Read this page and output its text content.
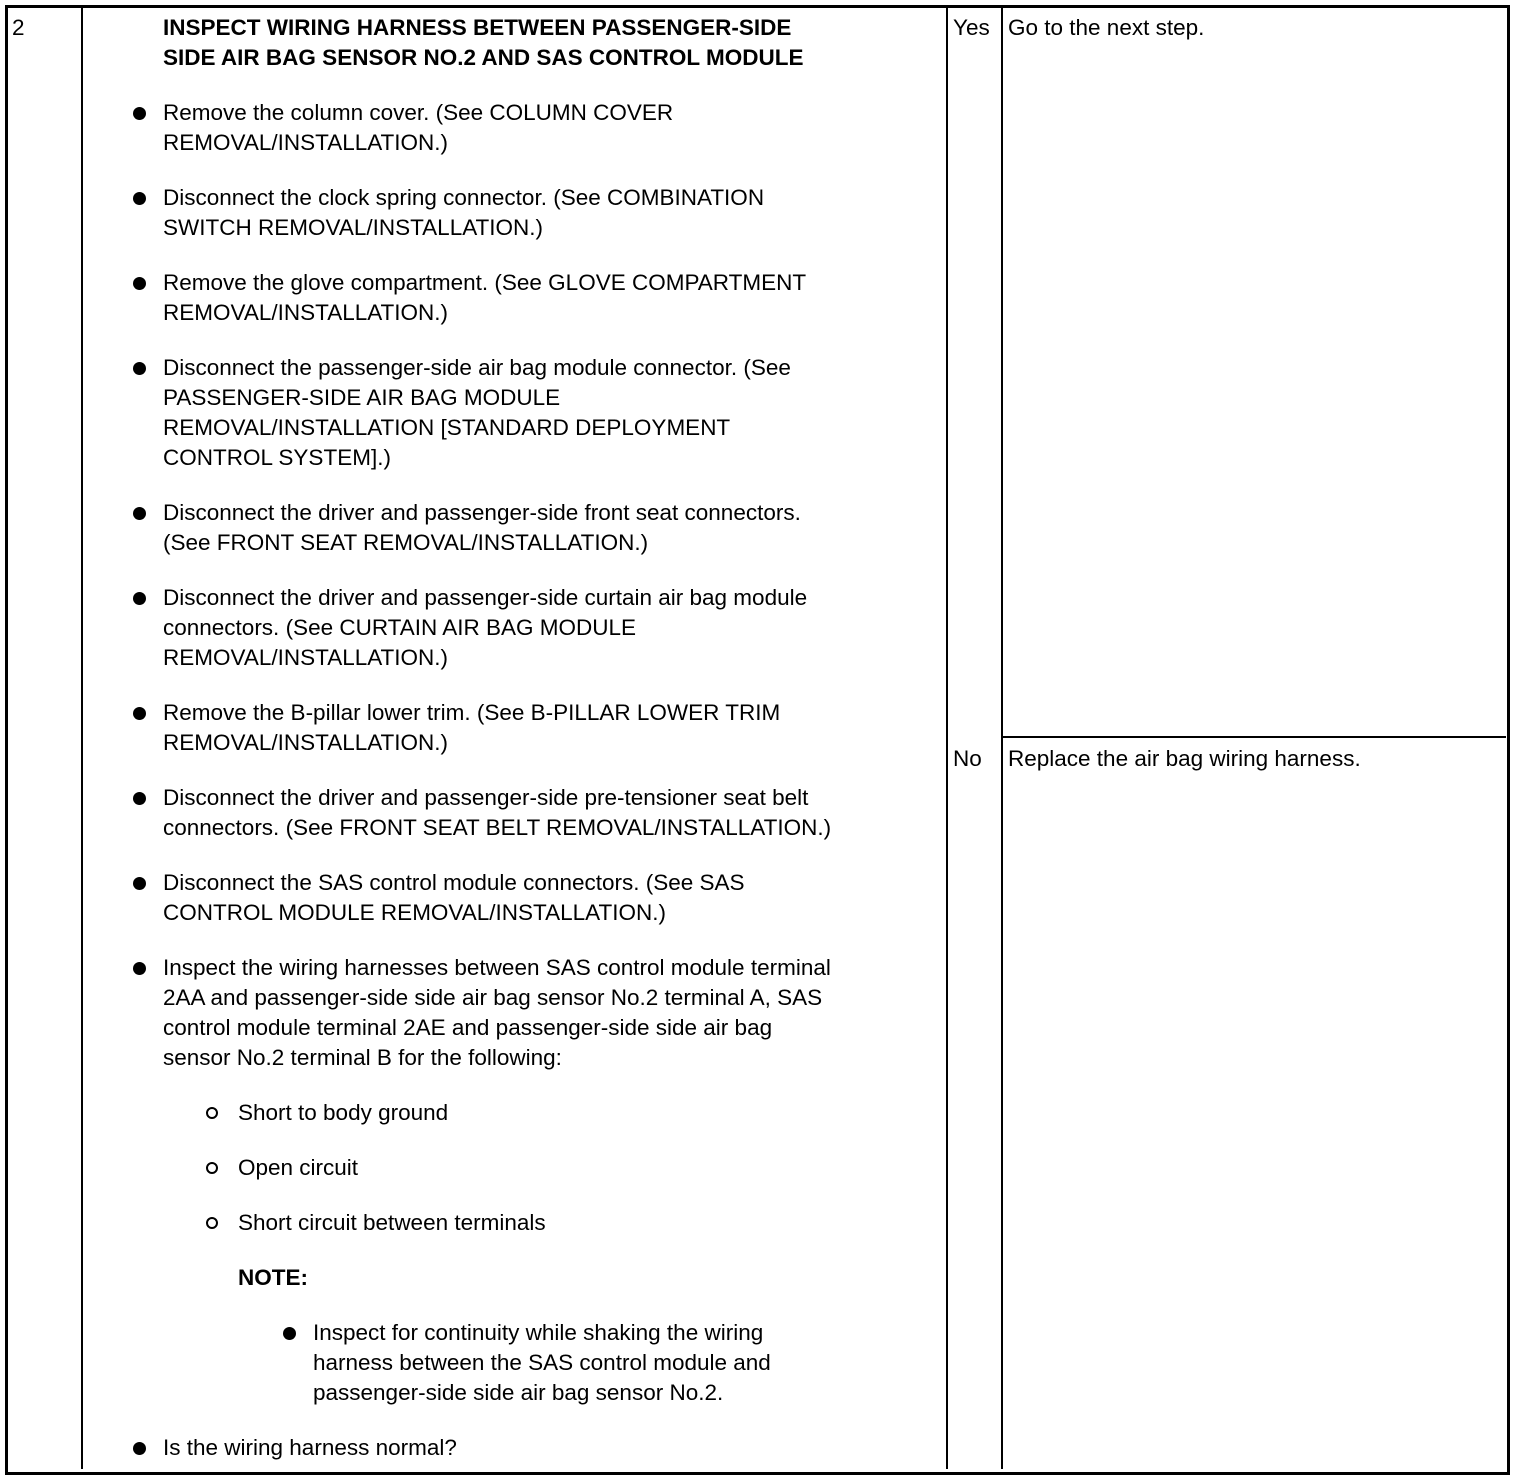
2	INSPECT WIRING HARNESS BETWEEN PASSENGER-SIDE
SIDE AIR BAG SENSOR NO.2 AND SAS CONTROL MODULE
Remove the column cover. (See COLUMN COVER
REMOVAL/INSTALLATION.)
Disconnect the clock spring connector. (See COMBINATION
SWITCH REMOVAL/INSTALLATION.)
Remove the glove compartment. (See GLOVE COMPARTMENT
REMOVAL/INSTALLATION.)
Disconnect the passenger-side air bag module connector. (See
PASSENGER-SIDE AIR BAG MODULE
REMOVAL/INSTALLATION [STANDARD DEPLOYMENT
CONTROL SYSTEM].)
Disconnect the driver and passenger-side front seat connectors.
(See FRONT SEAT REMOVAL/INSTALLATION.)
Disconnect the driver and passenger-side curtain air bag module
connectors. (See CURTAIN AIR BAG MODULE
REMOVAL/INSTALLATION.)
Remove the B-pillar lower trim. (See B-PILLAR LOWER TRIM
REMOVAL/INSTALLATION.)
Disconnect the driver and passenger-side pre-tensioner seat belt
connectors. (See FRONT SEAT BELT REMOVAL/INSTALLATION.)
Disconnect the SAS control module connectors. (See SAS
CONTROL MODULE REMOVAL/INSTALLATION.)
Inspect the wiring harnesses between SAS control module terminal
2AA and passenger-side side air bag sensor No.2 terminal A, SAS
control module terminal 2AE and passenger-side side air bag
sensor No.2 terminal B for the following:
Short to body ground
Open circuit
Short circuit between terminals
NOTE:
Inspect for continuity while shaking the wiring
harness between the SAS control module and
passenger-side side air bag sensor No.2.
Is the wiring harness normal?
Yes Go to the next step.
No Replace the air bag wiring harness.
